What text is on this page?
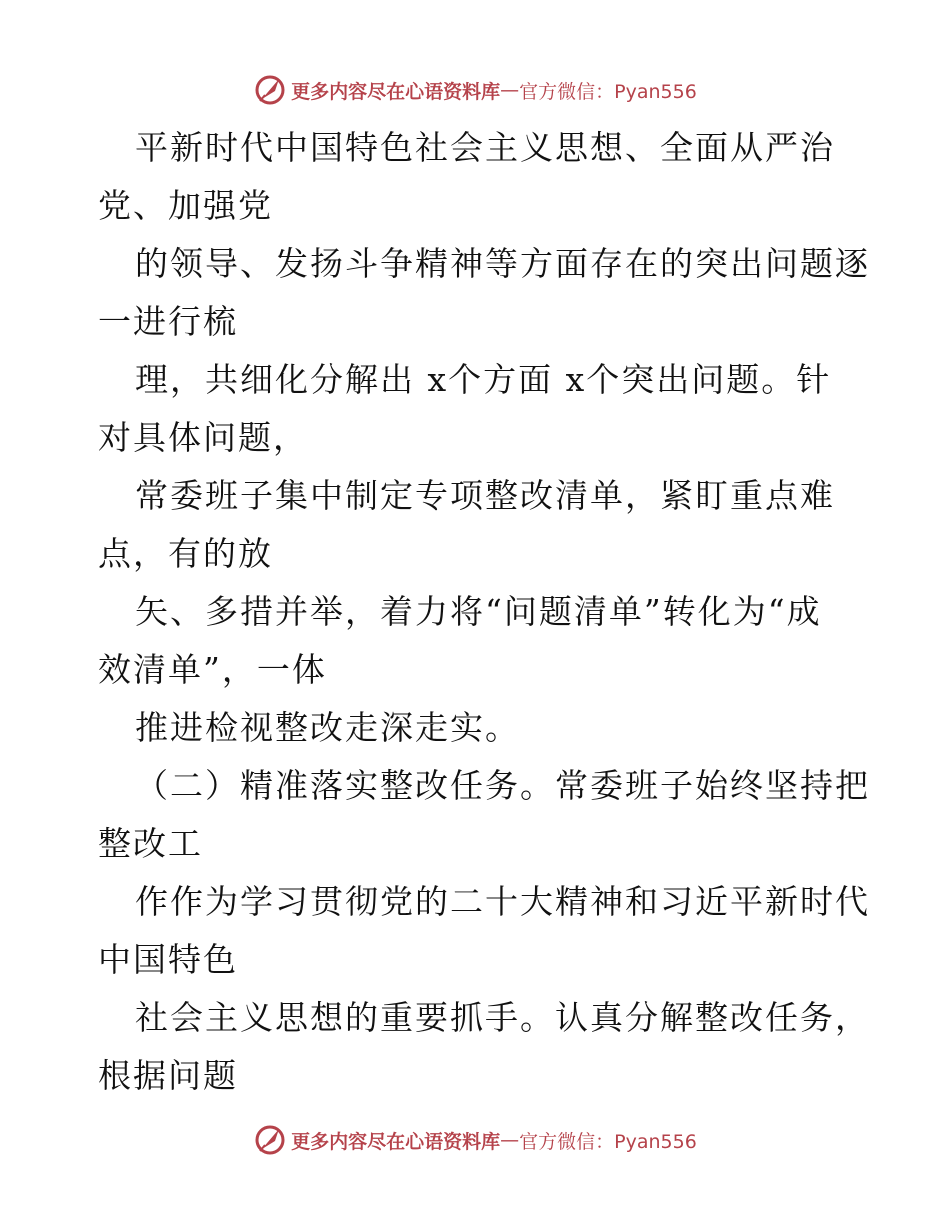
更多内容尽在心语资料库 — 官方微信：Pyan556
平新时代中国特色社会主义思想、全面从严治
党、加强党
的领导、发扬斗争精神等方面存在的突出问题逐
一进行梳
理，共细化分解出 x个方面 x个突出问题。针
对具体问题，
常委班子集中制定专项整改清单，紧盯重点难
点，有的放
矢、多措并举，着力将“问题清单”转化为“成
效清单”，一体
推进检视整改走深走实。
（二）精准落实整改任务。常委班子始终坚持把
整改工
作作为学习贯彻党的二十大精神和习近平新时代
中国特色
社会主义思想的重要抓手。认真分解整改任务，
根据问题
更多内容尽在心语资料库 — 官方微信：Pyan556
